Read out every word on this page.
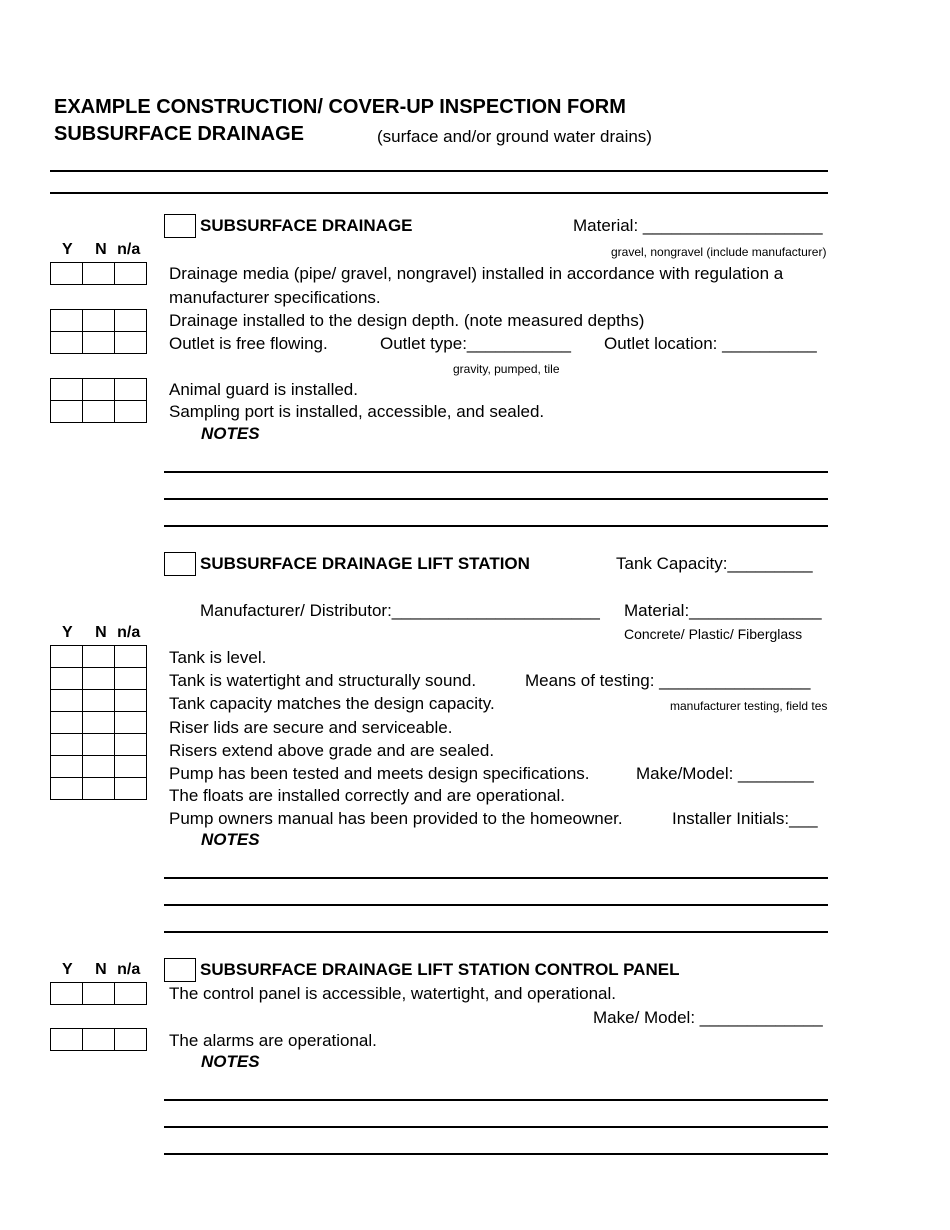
EXAMPLE CONSTRUCTION/ COVER-UP INSPECTION FORM
SUBSURFACE DRAINAGE	(surface and/or ground water drains)
SUBSURFACE DRAINAGE	Material: ___________________
gravel, nongravel (include manufacturer)
Y N n/a

Drainage media (pipe/ gravel, nongravel) installed in accordance with regulation a
manufacturer specifications.
Drainage installed to the design depth. (note measured depths)
Outlet is free flowing.	Outlet type:___________ Outlet location: __________
gravity, pumped, tile
Animal guard is installed.
Sampling port is installed, accessible, and sealed.
NOTES
SUBSURFACE DRAINAGE LIFT STATION	Tank Capacity:_________
Manufacturer/ Distributor:______________________ Material:______________
Concrete/ Plastic/ Fiberglass
Y N n/a

Tank is level.
Tank is watertight and structurally sound.	Means of testing: ________________
Tank capacity matches the design capacity.	manufacturer testing, field tes
Riser lids are secure and serviceable.
Risers extend above grade and are sealed.
Pump has been tested and meets design specifications.	Make/Model: ________
The floats are installed correctly and are operational.
Pump owners manual has been provided to the homeowner.	Installer Initials:___
NOTES
Y N n/a	SUBSURFACE DRAINAGE LIFT STATION CONTROL PANEL

The control panel is accessible, watertight, and operational.
Make/ Model: _____________
The alarms are operational.
NOTES
